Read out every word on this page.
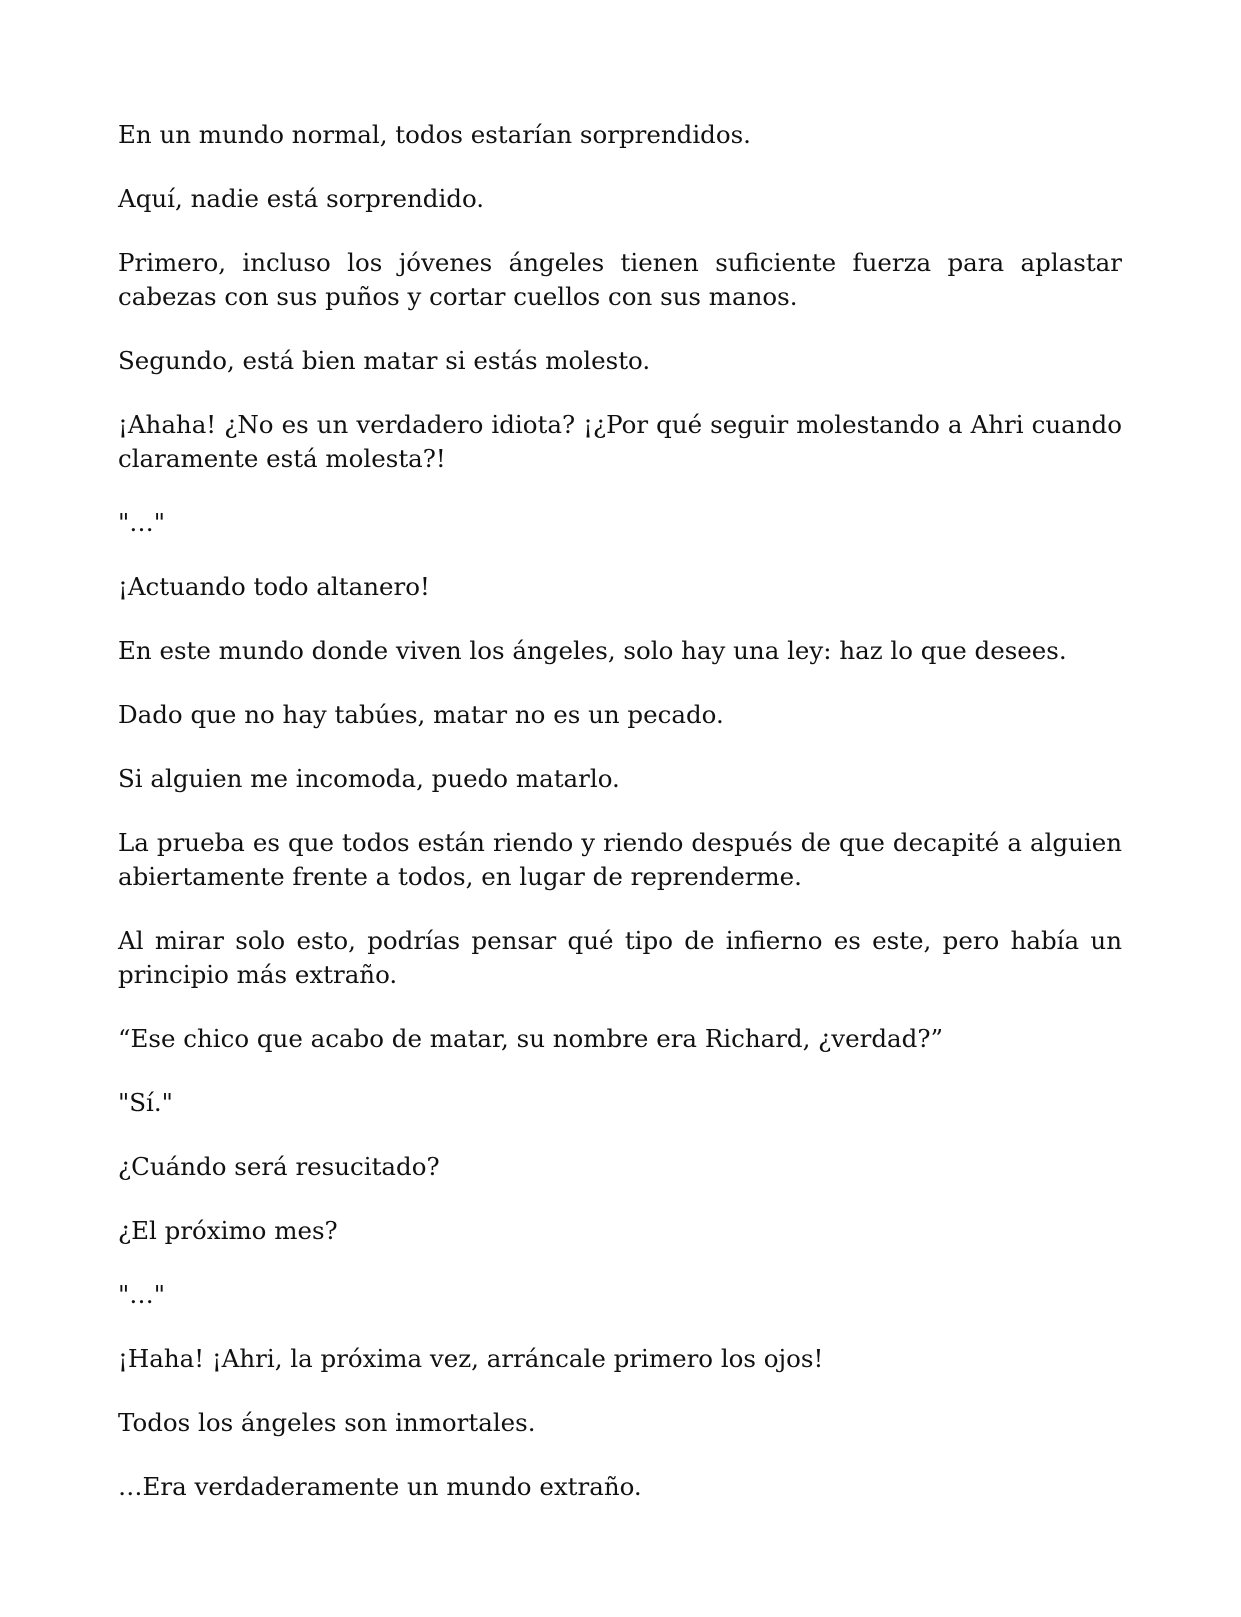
En un mundo normal, todos estarían sorprendidos.

Aquí, nadie está sorprendido.

Primero, incluso los jóvenes ángeles tienen suficiente fuerza para aplastar cabezas con sus puños y cortar cuellos con sus manos.

Segundo, está bien matar si estás molesto.

¡Ahaha! ¿No es un verdadero idiota? ¡¿Por qué seguir molestando a Ahri cuando claramente está molesta?!

"…"

¡Actuando todo altanero!

En este mundo donde viven los ángeles, solo hay una ley: haz lo que desees.

Dado que no hay tabúes, matar no es un pecado.

Si alguien me incomoda, puedo matarlo.

La prueba es que todos están riendo y riendo después de que decapité a alguien abiertamente frente a todos, en lugar de reprenderme.

Al mirar solo esto, podrías pensar qué tipo de infierno es este, pero había un principio más extraño.

“Ese chico que acabo de matar, su nombre era Richard, ¿verdad?”

"Sí."

¿Cuándo será resucitado?

¿El próximo mes?

"…"

¡Haha! ¡Ahri, la próxima vez, arráncale primero los ojos!

Todos los ángeles son inmortales.

…Era verdaderamente un mundo extraño.
